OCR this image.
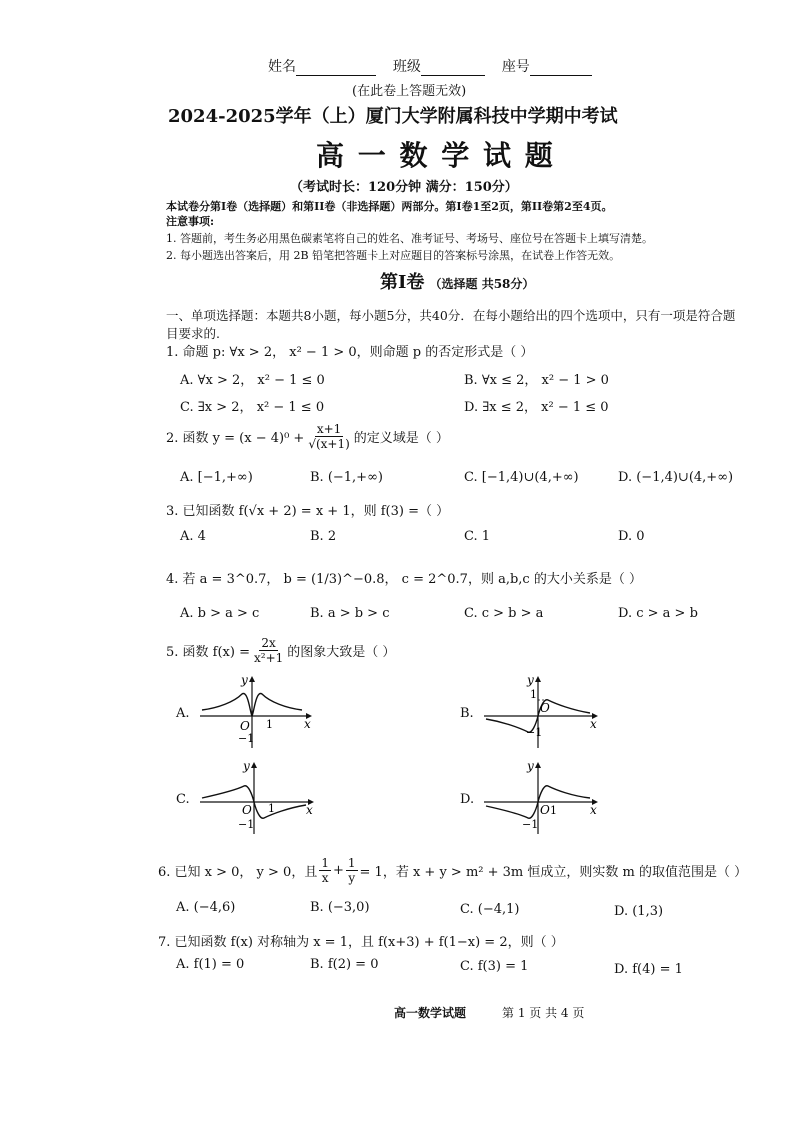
姓名	班级	座号
(在此卷上答题无效)
2024-2025学年（上）厦门大学附属科技中学期中考试
高 一 数 学 试 题
（考试时长：120分钟 满分：150分）
本试卷分第I卷（选择题）和第II卷（非选择题）两部分。第I卷1至2页，第II卷第2至4页。
注意事项:
1. 答题前，考生务必用黑色碳素笔将自己的姓名、准考证号、考场号、座位号在答题卡上填写清楚。
2. 每小题选出答案后，用 2B 铅笔把答题卡上对应题目的答案标号涂黑，在试卷上作答无效。
第I卷 （选择题 共58分）
一、单项选择题：本题共8小题，每小题5分，共40分．在每小题给出的四个选项中，只有一项是符合题
目要求的.
1. 命题 p: ∀x > 2， x² − 1 > 0，则命题 p 的否定形式是（ ）
A. ∀x > 2， x² − 1 ≤ 0	B. ∀x ≤ 2， x² − 1 > 0
C. ∃x > 2， x² − 1 ≤ 0	D. ∃x ≤ 2， x² − 1 ≤ 0
2. 函数 $y = (x - 4)^0 + \frac{x+1}{√(x+1)}$ 的定义域是（ ）
A. [−1,+∞)	B. (−1,+∞)	C. [−1,4)∪(4,+∞)	D. (−1,4)∪(4,+∞)
3. 已知函数 f(√x + 2) = x + 1，则 f(3) =（ ）
A. 4	B. 2	C. 1	D. 0
4. 若 a = 3^0.7， b = (1/3)^−0.8， c = 2^0.7，则 a,b,c 的大小关系是（ ）
A. b > a > c	B. a > b > c	C. c > b > a	D. c > a > b
5. 函数 $f(x) = \frac{2x}{\text{x²+1}}$ 的图象大致是（ ）
A.	B.
C.	D.
y
x
O 1
−1
y
x
O
1
−1
y
x
O 1
−1
y
x
O 1
−1
6. 已知 x > 0， y > 0，且 $\frac{1}{x} + \frac{1}{y} = 1$，若 x + y > m² + 3m 恒成立，则实数 m 的取值范围是（ ）
A. (−4,6)	B. (−3,0)	C. (−4,1)	D. (1,3)
7. 已知函数 f(x) 对称轴为 x = 1，且 f(x+3) + f(1−x) = 2，则（ ）
A. f(1) = 0	B. f(2) = 0	C. f(3) = 1	D. f(4) = 1
高一数学试题	第 1 页 共 4 页
